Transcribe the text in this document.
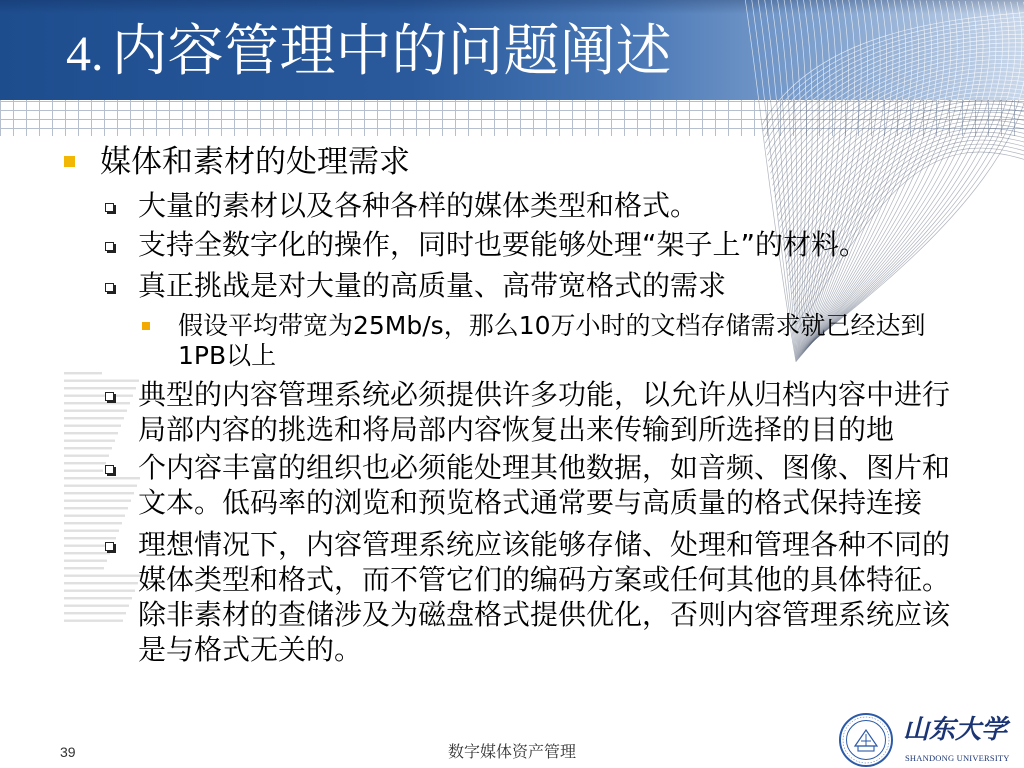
4. 内容管理中的问题阐述
媒体和素材的处理需求
大量的素材以及各种各样的媒体类型和格式。
支持全数字化的操作，同时也要能够处理“架子上”的材料。
真正挑战是对大量的高质量、高带宽格式的需求
假设平均带宽为25Mb/s，那么10万小时的文档存储需求就已经达到
1PB以上
典型的内容管理系统必须提供许多功能，以允许从归档内容中进行
局部内容的挑选和将局部内容恢复出来传输到所选择的目的地
个内容丰富的组织也必须能处理其他数据，如音频、图像、图片和
文本。低码率的浏览和预览格式通常要与高质量的格式保持连接
理想情况下，内容管理系统应该能够存储、处理和管理各种不同的
媒体类型和格式，而不管它们的编码方案或任何其他的具体特征。
除非素材的查储涉及为磁盘格式提供优化，否则内容管理系统应该
是与格式无关的。
39	数字媒体资产管理
山东大学
SHANDONG UNIVERSITY
